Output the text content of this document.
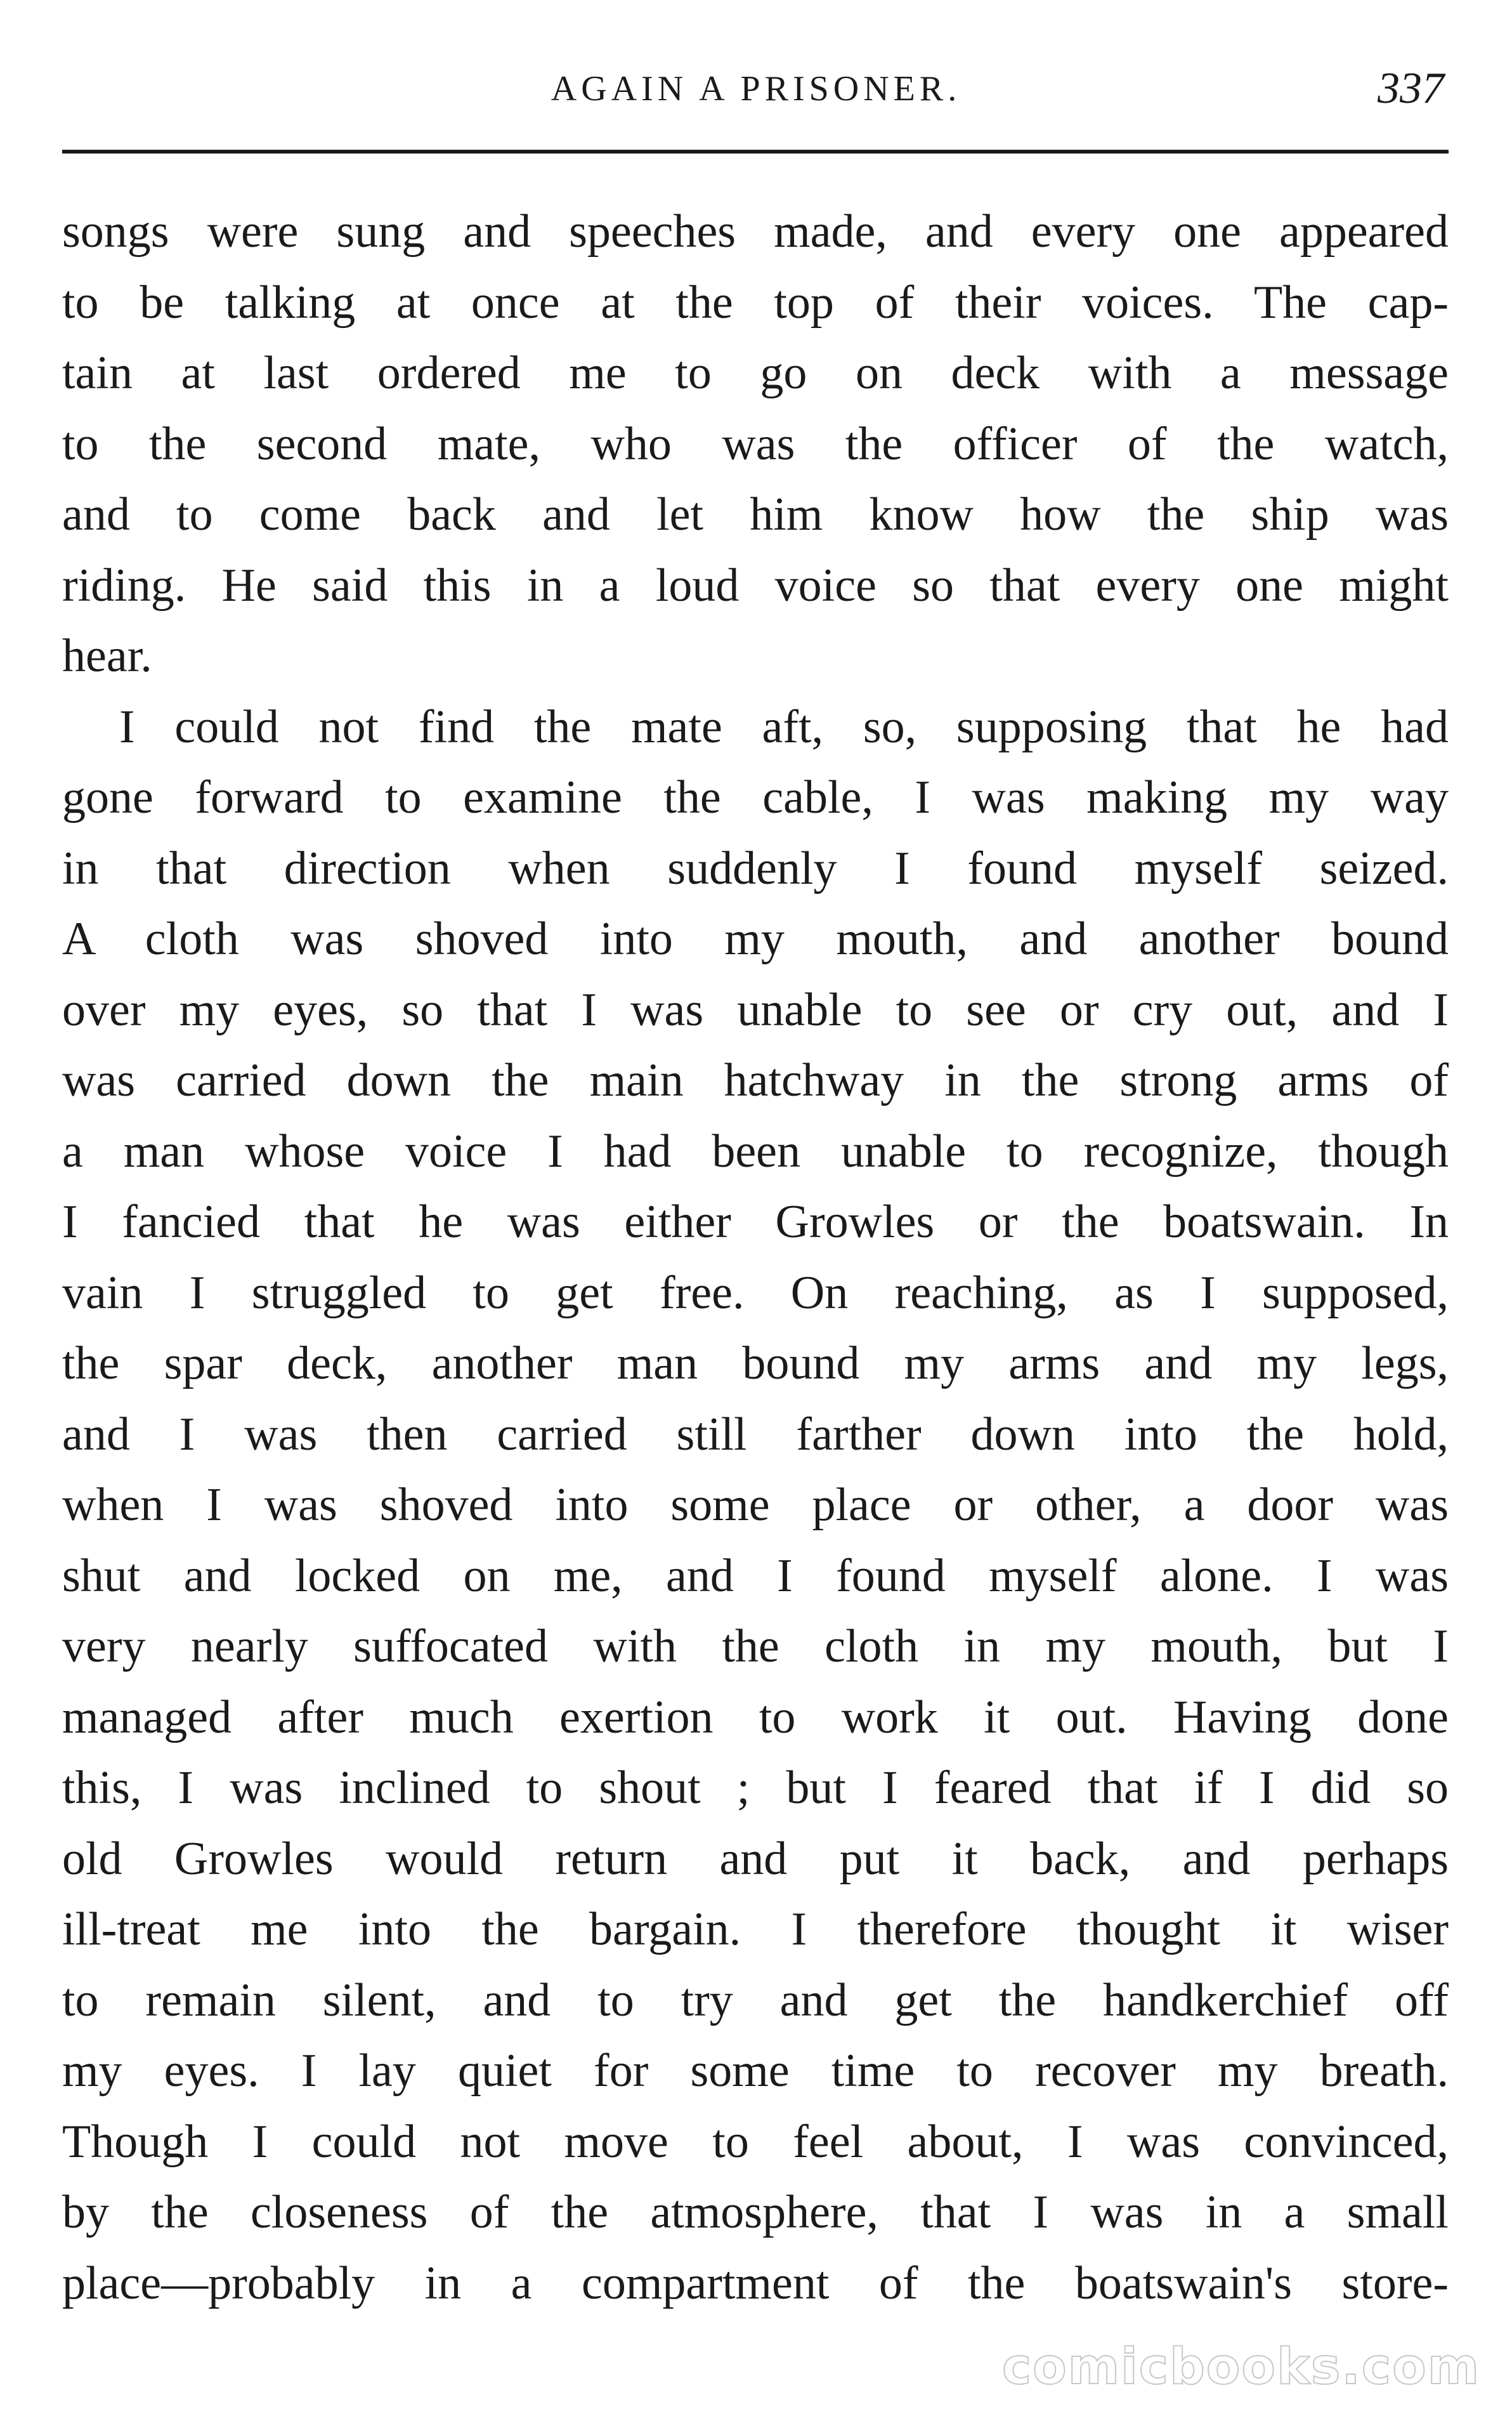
AGAIN A PRISONER.	337
songs were sung and speeches made, and every one appeared
to be talking at once at the top of their voices. The cap-
tain at last ordered me to go on deck with a message
to the second mate, who was the officer of the watch,
and to come back and let him know how the ship was
riding. He said this in a loud voice so that every one might
hear.
I could not find the mate aft, so, supposing that he had
gone forward to examine the cable, I was making my way
in that direction when suddenly I found myself seized.
A cloth was shoved into my mouth, and another bound
over my eyes, so that I was unable to see or cry out, and I
was carried down the main hatchway in the strong arms of
a man whose voice I had been unable to recognize, though
I fancied that he was either Growles or the boatswain. In
vain I struggled to get free. On reaching, as I supposed,
the spar deck, another man bound my arms and my legs,
and I was then carried still farther down into the hold,
when I was shoved into some place or other, a door was
shut and locked on me, and I found myself alone. I was
very nearly suffocated with the cloth in my mouth, but I
managed after much exertion to work it out. Having done
this, I was inclined to shout ; but I feared that if I did so
old Growles would return and put it back, and perhaps
ill-treat me into the bargain. I therefore thought it wiser
to remain silent, and to try and get the handkerchief off
my eyes. I lay quiet for some time to recover my breath.
Though I could not move to feel about, I was convinced,
by the closeness of the atmosphere, that I was in a small
place—probably in a compartment of the boatswain's store-
comicbooks.com
